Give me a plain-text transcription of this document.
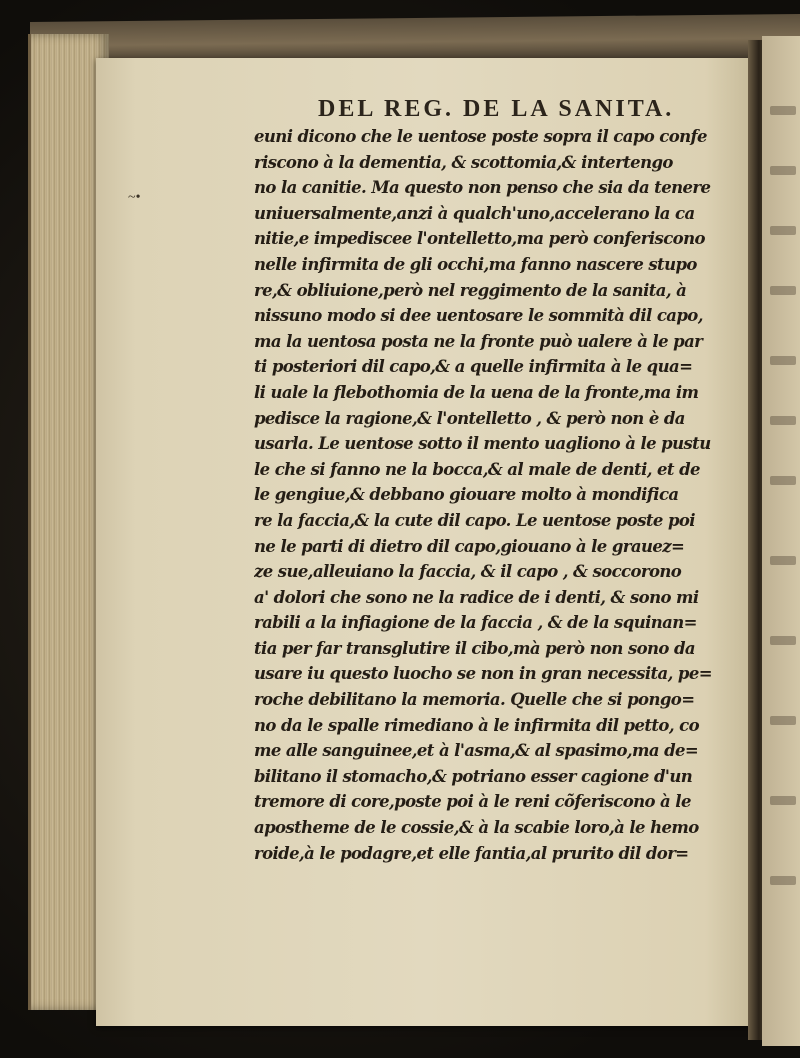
DEL REG. DE LA SANITA.
~•
euni dicono che le uentose poste sopra il capo confe
riscono à la dementia, & scottomia,& intertengo
no la canitie. Ma questo non penso che sia da tenere
uniuersalmente,anzi à qualch'uno,accelerano la ca
nitie,e impediscee l'ontelletto,ma però conferiscono
nelle infirmita de gli occhi,ma fanno nascere stupo
re,& obliuione,però nel reggimento de la sanita, à
nissuno modo si dee uentosare le sommità dil capo,
ma la uentosa posta ne la fronte può ualere à le par
ti posteriori dil capo,& a quelle infirmita à le qua=
li uale la flebothomia de la uena de la fronte,ma im
pedisce la ragione,& l'ontelletto , & però non è da
usarla. Le uentose sotto il mento uagliono à le pustu
le che si fanno ne la bocca,& al male de denti, et de
le gengiue,& debbano giouare molto à mondifica
re la faccia,& la cute dil capo. Le uentose poste poi
ne le parti di dietro dil capo,giouano à le grauez=
ze sue,alleuiano la faccia, & il capo , & soccorono
a' dolori che sono ne la radice de i denti, & sono mi
rabili a la infiagione de la faccia , & de la squinan=
tia per far transglutire il cibo,mà però non sono da
usare iu questo luocho se non in gran necessita, pe=
roche debilitano la memoria. Quelle che si pongo=
no da le spalle rimediano à le infirmita dil petto, co
me alle sanguinee,et à l'asma,& al spasimo,ma de=
bilitano il stomacho,& potriano esser cagione d'un
tremore di core,poste poi à le reni cõferiscono à le
apostheme de le cossie,& à la scabie loro,à le hemo
roide,à le podagre,et elle fantia,al prurito dil dor=
